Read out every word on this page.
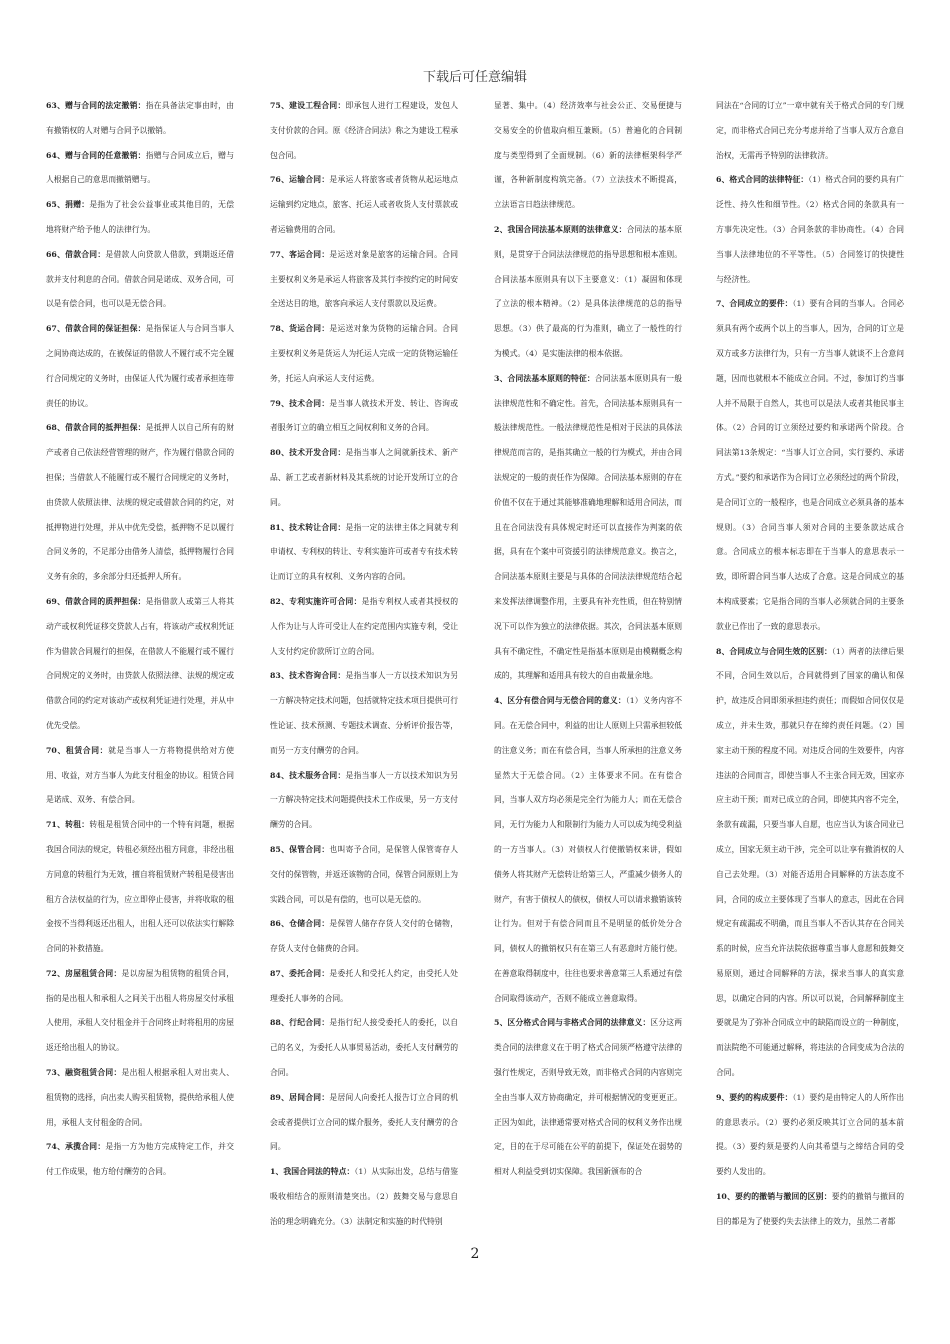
下载后可任意编辑

63、赠与合同的法定撤销：指在具备法定事由时，由有撤销权的人对赠与合同予以撤销。

64、赠与合同的任意撤销：指赠与合同成立后，赠与人根据自己的意思而撤销赠与。

65、捐赠：是指为了社会公益事业或其他目的，无偿地将财产给予他人的法律行为。

66、借款合同：是借款人向贷款人借款，到期返还借款并支付利息的合同。借款合同是诺成、双务合同，可以是有偿合同，也可以是无偿合同。

67、借款合同的保证担保：是指保证人与合同当事人之间协商达成的，在被保证的借款人不履行或不完全履行合同规定的义务时，由保证人代为履行或者承担连带责任的协议。

68、借款合同的抵押担保：是抵押人以自己所有的财产或者自己依法经营管理的财产，作为履行借款合同的担保；当借款人不能履行或不履行合同规定的义务时，由贷款人依照法律、法规的规定或借款合同的约定，对抵押物进行处理，并从中优先受偿，抵押物不足以履行合同义务的，不足部分由借务人清偿，抵押物履行合同义务有余的，多余部分归还抵押人所有。

69、借款合同的质押担保：是指借款人或第三人将其动产或权利凭证移交贷款人占有，将该动产或权利凭证作为借款合同履行的担保，在借款人不能履行或不履行合同规定的义务时，由贷款人依照法律、法规的规定或借款合同的约定对该动产或权利凭证进行处理，并从中优先受偿。

70、租赁合同：就是当事人一方将物提供给对方使用、收益，对方当事人为此支付租金的协议。租赁合同是诺成、双务、有偿合同。

71、转租：转租是租赁合同中的一个特有问题，根据我国合同法的规定，转租必须经出租方同意，非经出租方同意的转租行为无效，擅自将租赁财产转租是侵害出租方合法权益的行为，应立即停止侵害，并将收取的租金按不当得利返还出租人，出租人还可以依法实行解除合同的补救措施。

72、房屋租赁合同：是以房屋为租赁物的租赁合同，指的是出租人和承租人之间关于出租人将房屋交付承租人使用，承租人交付租金并于合同终止时将租用的房屋返还给出租人的协议。

73、融资租赁合同：是出租人根据承租人对出卖人、租赁物的选择，向出卖人购买租赁物，提供给承租人使用，承租人支付租金的合同。

74、承揽合同：是指一方为他方完成特定工作，并交付工作成果，他方给付酬劳的合同。

75、建设工程合同：即承包人进行工程建设，发包人支付价款的合同。原《经济合同法》称之为建设工程承包合同。

76、运输合同：是承运人将旅客或者货物从起运地点运输到约定地点，旅客、托运人或者收货人支付票款或者运输费用的合同。

77、客运合同：是运送对象是旅客的运输合同。合同主要权利义务是承运人将旅客及其行李按约定的时间安全送达目的地，旅客向承运人支付票款以及运费。

78、货运合同：是运送对象为货物的运输合同。合同主要权利义务是货运人为托运人完成一定的货物运输任务，托运人向承运人支付运费。

79、技术合同：是当事人就技术开发、转让、咨询或者服务订立的确立相互之间权利和义务的合同。

80、技术开发合同：是指当事人之间就新技术、新产品、新工艺或者新材料及其系统的讨论开发所订立的合同。

81、技术转让合同：是指一定的法律主体之间就专利申请权、专利权的转让、专利实施许可或者专有技术转让而订立的具有权利、义务内容的合同。

82、专利实施许可合同：是指专利权人或者其授权的人作为让与人许可受让人在约定范围内实施专利，受让人支付约定价款所订立的合同。

83、技术咨询合同：是指当事人一方以技术知识为另一方解决特定技术问题，包括就特定技术项目提供可行性论证、技术预测、专题技术调查、分析评价报告等，而另一方支付酬劳的合同。

84、技术服务合同：是指当事人一方以技术知识为另一方解决特定技术问题提供技术工作成果，另一方支付酬劳的合同。

85、保管合同：也叫寄予合同，是保管人保管寄存人交付的保管物，并返还该物的合同，保管合同原则上为实践合同，可以是有偿的，也可以是无偿的。

86、仓储合同：是保管人储存存货人交付的仓储物，存货人支付仓储费的合同。

87、委托合同：是委托人和受托人约定，由受托人处理委托人事务的合同。

88、行纪合同：是指行纪人接受委托人的委托，以自己的名义，为委托人从事贸易活动，委托人支付酬劳的合同。

89、居间合同：是居间人向委托人报告订立合同的机会或者提供订立合同的媒介服务，委托人支付酬劳的合同。

1、我国合同法的特点：（1）从实际出发，总结与借鉴吸收相结合的原则清楚突出。（2）鼓舞交易与意思自治的理念明确充分。（3）法制定和实施的时代特别

显著、集中。（4）经济效率与社会公正、交易便捷与交易安全的价值取向相互兼顾。（5）普遍化的合同制度与类型得到了全面规制。（6）新的法律框架科学严谨，各种新制度构筑完备。（7）立法技术不断提高，立法语言日趋法律规范。

2、我国合同法基本原则的法律意义：合同法的基本原则，是贯穿于合同法法律规范的指导思想和根本准则。合同法基本原则具有以下主要意义：（1）凝固和体现了立法的根本精神。（2）是具体法律规范的总的指导思想。（3）供了最高的行为准则，确立了一般性的行为模式。（4）是实施法律的根本依据。

3、合同法基本原则的特征：合同法基本原则具有一般法律规范性和不确定性。首先，合同法基本原则具有一般法律规范性。一般法律规范性是相对于民法的具体法律规范而言的，是指其确立一般的行为模式，并由合同法规定的一般的责任作为保障。合同法基本原则的存在价值不仅在于通过其能够准确地理解和适用合同法，而且在合同法没有具体规定时还可以直接作为判案的依据，具有在个案中可资援引的法律规范意义。换言之，合同法基本原则主要是与具体的合同法法律规范结合起来发挥法律调整作用，主要具有补充性质，但在特别情况下可以作为独立的法律依据。其次，合同法基本原则具有不确定性，不确定性是指基本原则是由模糊概念构成的，其理解和适用具有较大的自由裁量余地。

4、区分有偿合同与无偿合同的意义：（1）义务内容不同。在无偿合同中，利益的出让人原则上只需承担较低的注意义务；而在有偿合同，当事人所承担的注意义务显然大于无偿合同。（2）主体要求不同。在有偿合同，当事人双方均必须是完全行为能力人；而在无偿合同，无行为能力人和限制行为能力人可以成为纯受利益的一方当事人。（3）对债权人行使撤销权来讲，假如债务人将其财产无偿转让给第三人，严重减少债务人的财产，有害于债权人的债权，债权人可以请求撤销该转让行为。但对于有偿合同而且不是明显的低价处分合同，债权人的撤销权只有在第三人有恶意时方能行使。在善意取得制度中，往往也要求善意第三人系通过有偿合同取得该动产，否则不能成立善意取得。

5、区分格式合同与非格式合同的法律意义：区分这两类合同的法律意义在于明了格式合同须严格遵守法律的强行性规定，否则导致无效，而非格式合同的内容则完全由当事人双方协商确定，并可根据情况的变更更正。正因为如此，法律通常要对格式合同的权利义务作出规定，目的在于尽可能在公平的前提下，保证处在弱势的相对人利益受到切实保障。我国新颁布的合

同法在“合同的订立”一章中就有关于格式合同的专门规定，而非格式合同已充分考虑并给了当事人双方合意自治权，无需再予特别的法律救济。

6、格式合同的法律特征：（1）格式合同的要约具有广泛性、持久性和细节性。（2）格式合同的条款具有一方事先决定性。（3）合同条款的非协商性。（4）合同当事人法律地位的不平等性。（5）合同签订的快捷性与经济性。

7、合同成立的要件：（1）要有合同的当事人。合同必须具有两个或两个以上的当事人，因为，合同的订立是双方或多方法律行为，只有一方当事人就谈不上合意问题，因而也就根本不能成立合同。不过，参加订约当事人并不局限于自然人，其也可以是法人或者其他民事主体。（2）合同的订立须经过要约和承诺两个阶段。合同法第13条规定：“当事人订立合同，实行要约、承诺方式。”要约和承诺作为合同订立必须经过的两个阶段，是合同订立的一般程序，也是合同成立必须具备的基本规则。（3）合同当事人须对合同的主要条款达成合意。合同成立的根本标志即在于当事人的意思表示一致，即所谓合同当事人达成了合意。这是合同成立的基本构成要素；它是指合同的当事人必须就合同的主要条款业已作出了一致的意思表示。

8、合同成立与合同生效的区别：（1）两者的法律后果不同，合同生效以后，合同就得到了国家的确认和保护，故违反合同即须承担违约责任；而假如合同仅仅是成立，并未生效，那就只存在缔约责任问题。（2）国家主动干预的程度不同。对违反合同的生效要件，内容违法的合同而言，即使当事人不主张合同无效，国家亦应主动干预；而对已成立的合同，即使其内容不完全，条款有疏漏，只要当事人自愿，也应当认为该合同业已成立，国家无须主动干涉，完全可以让享有撤消权的人自己去处理。（3）对能否适用合同解释的方法态度不同，合同的成立主要体现了当事人的意志，因此在合同规定有疏漏或不明确，而且当事人不否认其存在合同关系的时候，应当允许法院依据尊重当事人意愿和鼓舞交易原则，通过合同解释的方法，探求当事人的真实意思，以确定合同的内容。所以可以说，合同解释制度主要就是为了弥补合同成立中的缺陷而设立的一种制度，而法院绝不可能通过解释，将违法的合同变成为合法的合同。

9、要约的构成要件：（1）要约是由特定人的人所作出的意思表示。（2）要约必须反映其订立合同的基本前提。（3）要约须是要约人向其希望与之缔结合同的受要约人发出的。

10、要约的撤销与撤回的区别：要约的撤销与撤回的目的都是为了使要约失去法律上的效力，虽然二者都

2
